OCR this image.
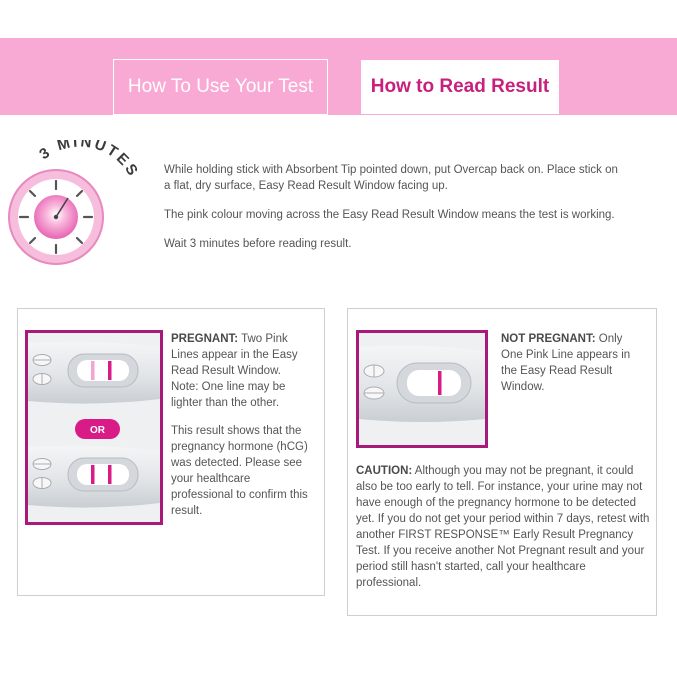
How To Use Your Test	How to Read Result
3 MINUTE	While holding stick with Absorbent Tip pointed down, put Overcap back on. Place stick on a flat, dry surface, Easy Read Result Window facing up.

The pink colour moving across the Easy Read Result Window means the test is working.

Wait 3 minutes before reading result.

OR

PREGNANT: Two Pink Lines appear in the Easy Read Result Window. Note: One line may be lighter than the other.

This result shows that the pregnancy hormone (hCG) was detected. Please see your healthcare professional to confirm this result.

NOT PREGNANT: Only One Pink Line appears in the Easy Read Result Window.

CAUTION: Although you may not be pregnant, it could also be too early to tell. For instance, your urine may not have enough of the pregnancy hormone to be detected yet. If you do not get your period within 7 days, retest with another FIRST RESPONSE™ Early Result Pregnancy Test. If you receive another Not Pregnant result and your period still hasn't started, call your healthcare professional.
